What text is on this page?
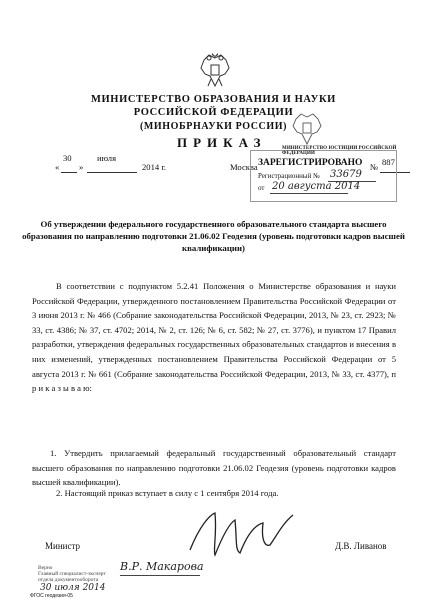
МИНИСТЕРСТВО ОБРАЗОВАНИЯ И НАУКИ
РОССИЙСКОЙ ФЕДЕРАЦИИ
(МИНОБРНАУКИ РОССИИ)
ПРИКАЗ
«
30
»
июля
2014 г.	Москва	№ 887
МИНИСТЕРСТВО ЮСТИЦИИ РОССИЙСКОЙ ФЕДЕРАЦИИ
ЗАРЕГИСТРИРОВАНО
Регистрационный № 33679
от 20 августа 2014
Об утверждении федерального государственного образовательного стандарта высшего образования по направлению подготовки 21.06.02 Геодезия (уровень подготовки кадров высшей квалификации)
В соответствии с подпунктом 5.2.41 Положения о Министерстве образования и науки Российской Федерации, утвержденного постановлением Правительства Российской Федерации от 3 июня 2013 г. № 466 (Собрание законодательства Российской Федерации, 2013, № 23, ст. 2923; № 33, ст. 4386; № 37, ст. 4702; 2014, № 2, ст. 126; № 6, ст. 582; № 27, ст. 3776), и пунктом 17 Правил разработки, утверждения федеральных государственных образовательных стандартов и внесения в них изменений, утвержденных постановлением Правительства Российской Федерации от 5 августа 2013 г. № 661 (Собрание законодательства Российской Федерации, 2013, № 33, ст. 4377), п р и к а з ы в а ю:
1. Утвердить прилагаемый федеральный государственный образовательный стандарт высшего образования по направлению подготовки 21.06.02 Геодезия (уровень подготовки кадров высшей квалификации).
2. Настоящий приказ вступает в силу с 1 сентября 2014 года.
Министр	Д.В. Ливанов
Верно
Главный специалист-эксперт
отдела документооборота
В.Р. Макарова
30 июля 2014
ФГОС геодезия-05
